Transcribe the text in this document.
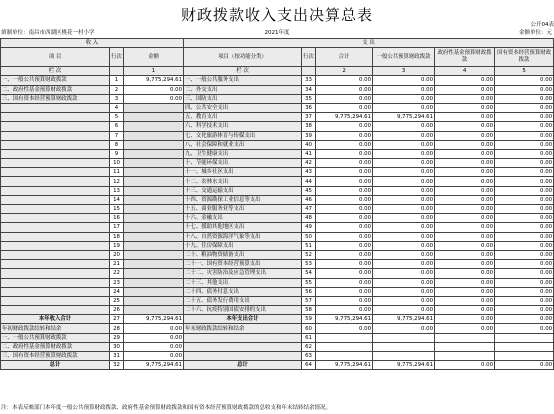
财政拨款收入支出决算总表
公开04表
填制单位：南昌市西湖区桃花一村小学	2021年度	金额单位：元
收 入			支 出					
项 目	行次	金额	项目（按功能分类）	行次	合计	一般公共预算财政拨款	政府性基金预算财政拨款	国有资本经营预算财政拨款
栏 次		1	栏 次		2	3	4	5
一、一般公共预算财政拨款	1	9,775,294.61	一、一般公共服务支出	33	0.00	0.00	0.00	0.00
二、政府性基金预算财政拨款	2	0.00	二、外交支出	34	0.00	0.00	0.00	0.00
三、国有资本经营预算财政拨款	3	0.00	三、国防支出	35	0.00	0.00	0.00	0.00
	4		四、公共安全支出	36	0.00	0.00	0.00	0.00
	5		五、教育支出	37	9,775,294.61	9,775,294.61	0.00	0.00
	6		六、科学技术支出	38	0.00	0.00	0.00	0.00
	7		七、文化旅游体育与传媒支出	39	0.00	0.00	0.00	0.00
	8		八、社会保障和就业支出	40	0.00	0.00	0.00	0.00
	9		九、卫生健康支出	41	0.00	0.00	0.00	0.00
	10		十、节能环保支出	42	0.00	0.00	0.00	0.00
	11		十一、城乡社区支出	43	0.00	0.00	0.00	0.00
	12		十二、农林水支出	44	0.00	0.00	0.00	0.00
	13		十三、交通运输支出	45	0.00	0.00	0.00	0.00
	14		十四、资源勘探工业信息等支出	46	0.00	0.00	0.00	0.00
	15		十五、商业服务业等支出	47	0.00	0.00	0.00	0.00
	16		十六、金融支出	48	0.00	0.00	0.00	0.00
	17		十七、援助其他地区支出	49	0.00	0.00	0.00	0.00
	18		十八、自然资源海洋气象等支出	50	0.00	0.00	0.00	0.00
	19		十九、住房保障支出	51	0.00	0.00	0.00	0.00
	20		二十、粮油物资储备支出	52	0.00	0.00	0.00	0.00
	21		二十一、国有资本经营预算支出	53	0.00	0.00	0.00	0.00
	22		二十二、灾害防治及应急管理支出	54	0.00	0.00	0.00	0.00
	23		二十三、其他支出	55	0.00	0.00	0.00	0.00
	24		二十四、债务付息支出	56	0.00	0.00	0.00	0.00
	25		二十五、债务发行费用支出	57	0.00	0.00	0.00	0.00
	26		二十六、抗疫特别国债安排的支出	58	0.00	0.00	0.00	0.00
本年收入合计	27	9,775,294.61	本年支出合计	59	9,775,294.61	9,775,294.61	0.00	0.00
年初财政拨款结转和结余	28	0.00	年末财政拨款结转和结余	60	0.00	0.00	0.00	0.00
一、一般公共预算财政拨款	29	0.00		61				
二、政府性基金预算财政拨款	30	0.00		62				
三、国有资本经营预算财政拨款	31	0.00		63				
总计	32	9,775,294.61	总计	64	9,775,294.61	9,775,294.61	0.00	0.00
注：本表反映部门本年度一般公共预算财政拨款、政府性基金预算财政拨款和国有资本经营预算财政拨款的总收支和年末结转结余情况。
